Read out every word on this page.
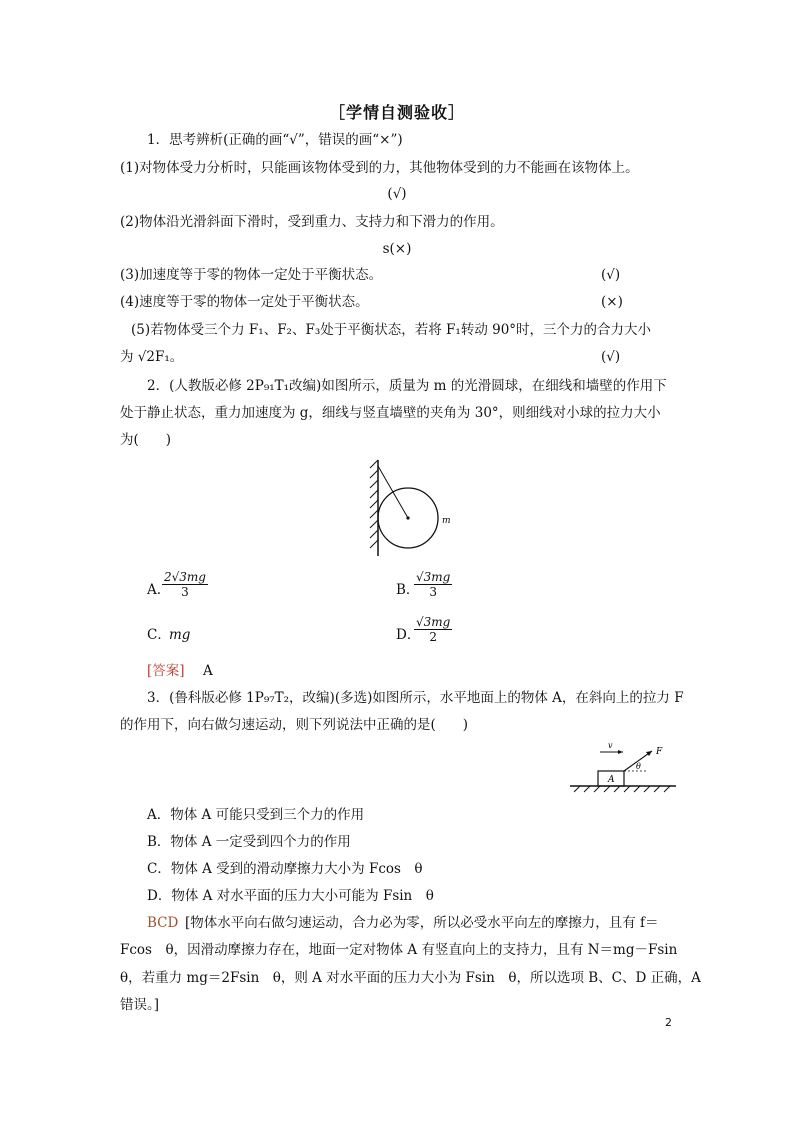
［学情自测验收］
1．思考辨析(正确的画“√”，错误的画“×”)
(1)对物体受力分析时，只能画该物体受到的力，其他物体受到的力不能画在该物体上。
(√)
(2)物体沿光滑斜面下滑时，受到重力、支持力和下滑力的作用。
s(×)
(3)加速度等于零的物体一定处于平衡状态。	(√)
(4)速度等于零的物体一定处于平衡状态。	(×)
(5)若物体受三个力 F₁、F₂、F₃处于平衡状态，若将 F₁转动 90°时，三个力的合力大小
为 √2F₁。	(√)
2．(人教版必修 2P₉₁T₁改编)如图所示，质量为 m 的光滑圆球，在细线和墙壁的作用下
处于静止状态，重力加速度为 g，细线与竖直墙壁的夹角为 30°，则细线对小球的拉力大小
为(　　)
m
A. $\frac{2√3mg}{3}$	B．
$\frac{√3mg}{3}$
C．
mg	D．
$\frac{√3mg}{2}$
[答案] A
3．(鲁科版必修 1P₉₇T₂，改编)(多选)如图所示，水平地面上的物体 A，在斜向上的拉力 F
的作用下，向右做匀速运动，则下列说法中正确的是(　　)
A
F
θ
v
A．物体 A 可能只受到三个力的作用
B．物体 A 一定受到四个力的作用
C．物体 A 受到的滑动摩擦力大小为 Fcos　θ
D．物体 A 对水平面的压力大小可能为 Fsin　θ
BCD [物体水平向右做匀速运动，合力必为零，所以必受水平向左的摩擦力，且有 f＝
Fcos　θ，因滑动摩擦力存在，地面一定对物体 A 有竖直向上的支持力，且有 N＝mg－Fsin
θ，若重力 mg＝2Fsin　θ，则 A 对水平面的压力大小为 Fsin　θ，所以选项 B、C、D 正确，A
错误。]
2
